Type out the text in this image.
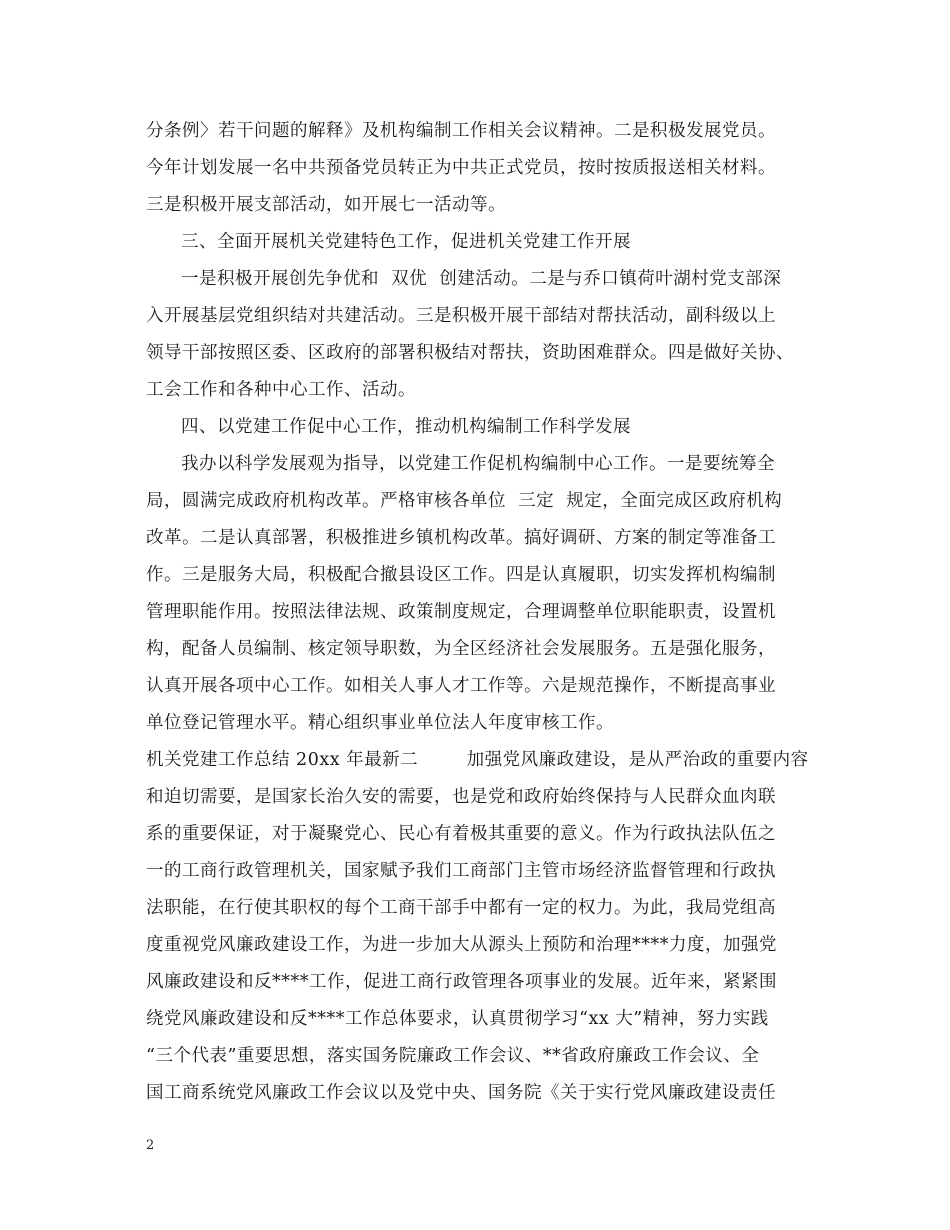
分条例〉若干问题的解释》及机构编制工作相关会议精神。二是积极发展党员。
今年计划发展一名中共预备党员转正为中共正式党员，按时按质报送相关材料。
三是积极开展支部活动，如开展七一活动等。
三、全面开展机关党建特色工作，促进机关党建工作开展
一是积极开展创先争优和  双优  创建活动。二是与乔口镇荷叶湖村党支部深
入开展基层党组织结对共建活动。三是积极开展干部结对帮扶活动，副科级以上
领导干部按照区委、区政府的部署积极结对帮扶，资助困难群众。四是做好关协、
工会工作和各种中心工作、活动。
四、以党建工作促中心工作，推动机构编制工作科学发展
我办以科学发展观为指导，以党建工作促机构编制中心工作。一是要统筹全
局，圆满完成政府机构改革。严格审核各单位  三定  规定，全面完成区政府机构
改革。二是认真部署，积极推进乡镇机构改革。搞好调研、方案的制定等准备工
作。三是服务大局，积极配合撤县设区工作。四是认真履职，切实发挥机构编制
管理职能作用。按照法律法规、政策制度规定，合理调整单位职能职责，设置机
构，配备人员编制、核定领导职数，为全区经济社会发展服务。五是强化服务，
认真开展各项中心工作。如相关人事人才工作等。六是规范操作，不断提高事业
单位登记管理水平。精心组织事业单位法人年度审核工作。
机关党建工作总结 20xx 年最新二        加强党风廉政建设，是从严治政的重要内容
和迫切需要，是国家长治久安的需要，也是党和政府始终保持与人民群众血肉联
系的重要保证，对于凝聚党心、民心有着极其重要的意义。作为行政执法队伍之
一的工商行政管理机关，国家赋予我们工商部门主管市场经济监督管理和行政执
法职能，在行使其职权的每个工商干部手中都有一定的权力。为此，我局党组高
度重视党风廉政建设工作，为进一步加大从源头上预防和治理****力度，加强党
风廉政建设和反****工作，促进工商行政管理各项事业的发展。近年来，紧紧围
绕党风廉政建设和反****工作总体要求，认真贯彻学习“xx 大”精神，努力实践
“三个代表”重要思想，落实国务院廉政工作会议、**省政府廉政工作会议、全
国工商系统党风廉政工作会议以及党中央、国务院《关于实行党风廉政建设责任
2
